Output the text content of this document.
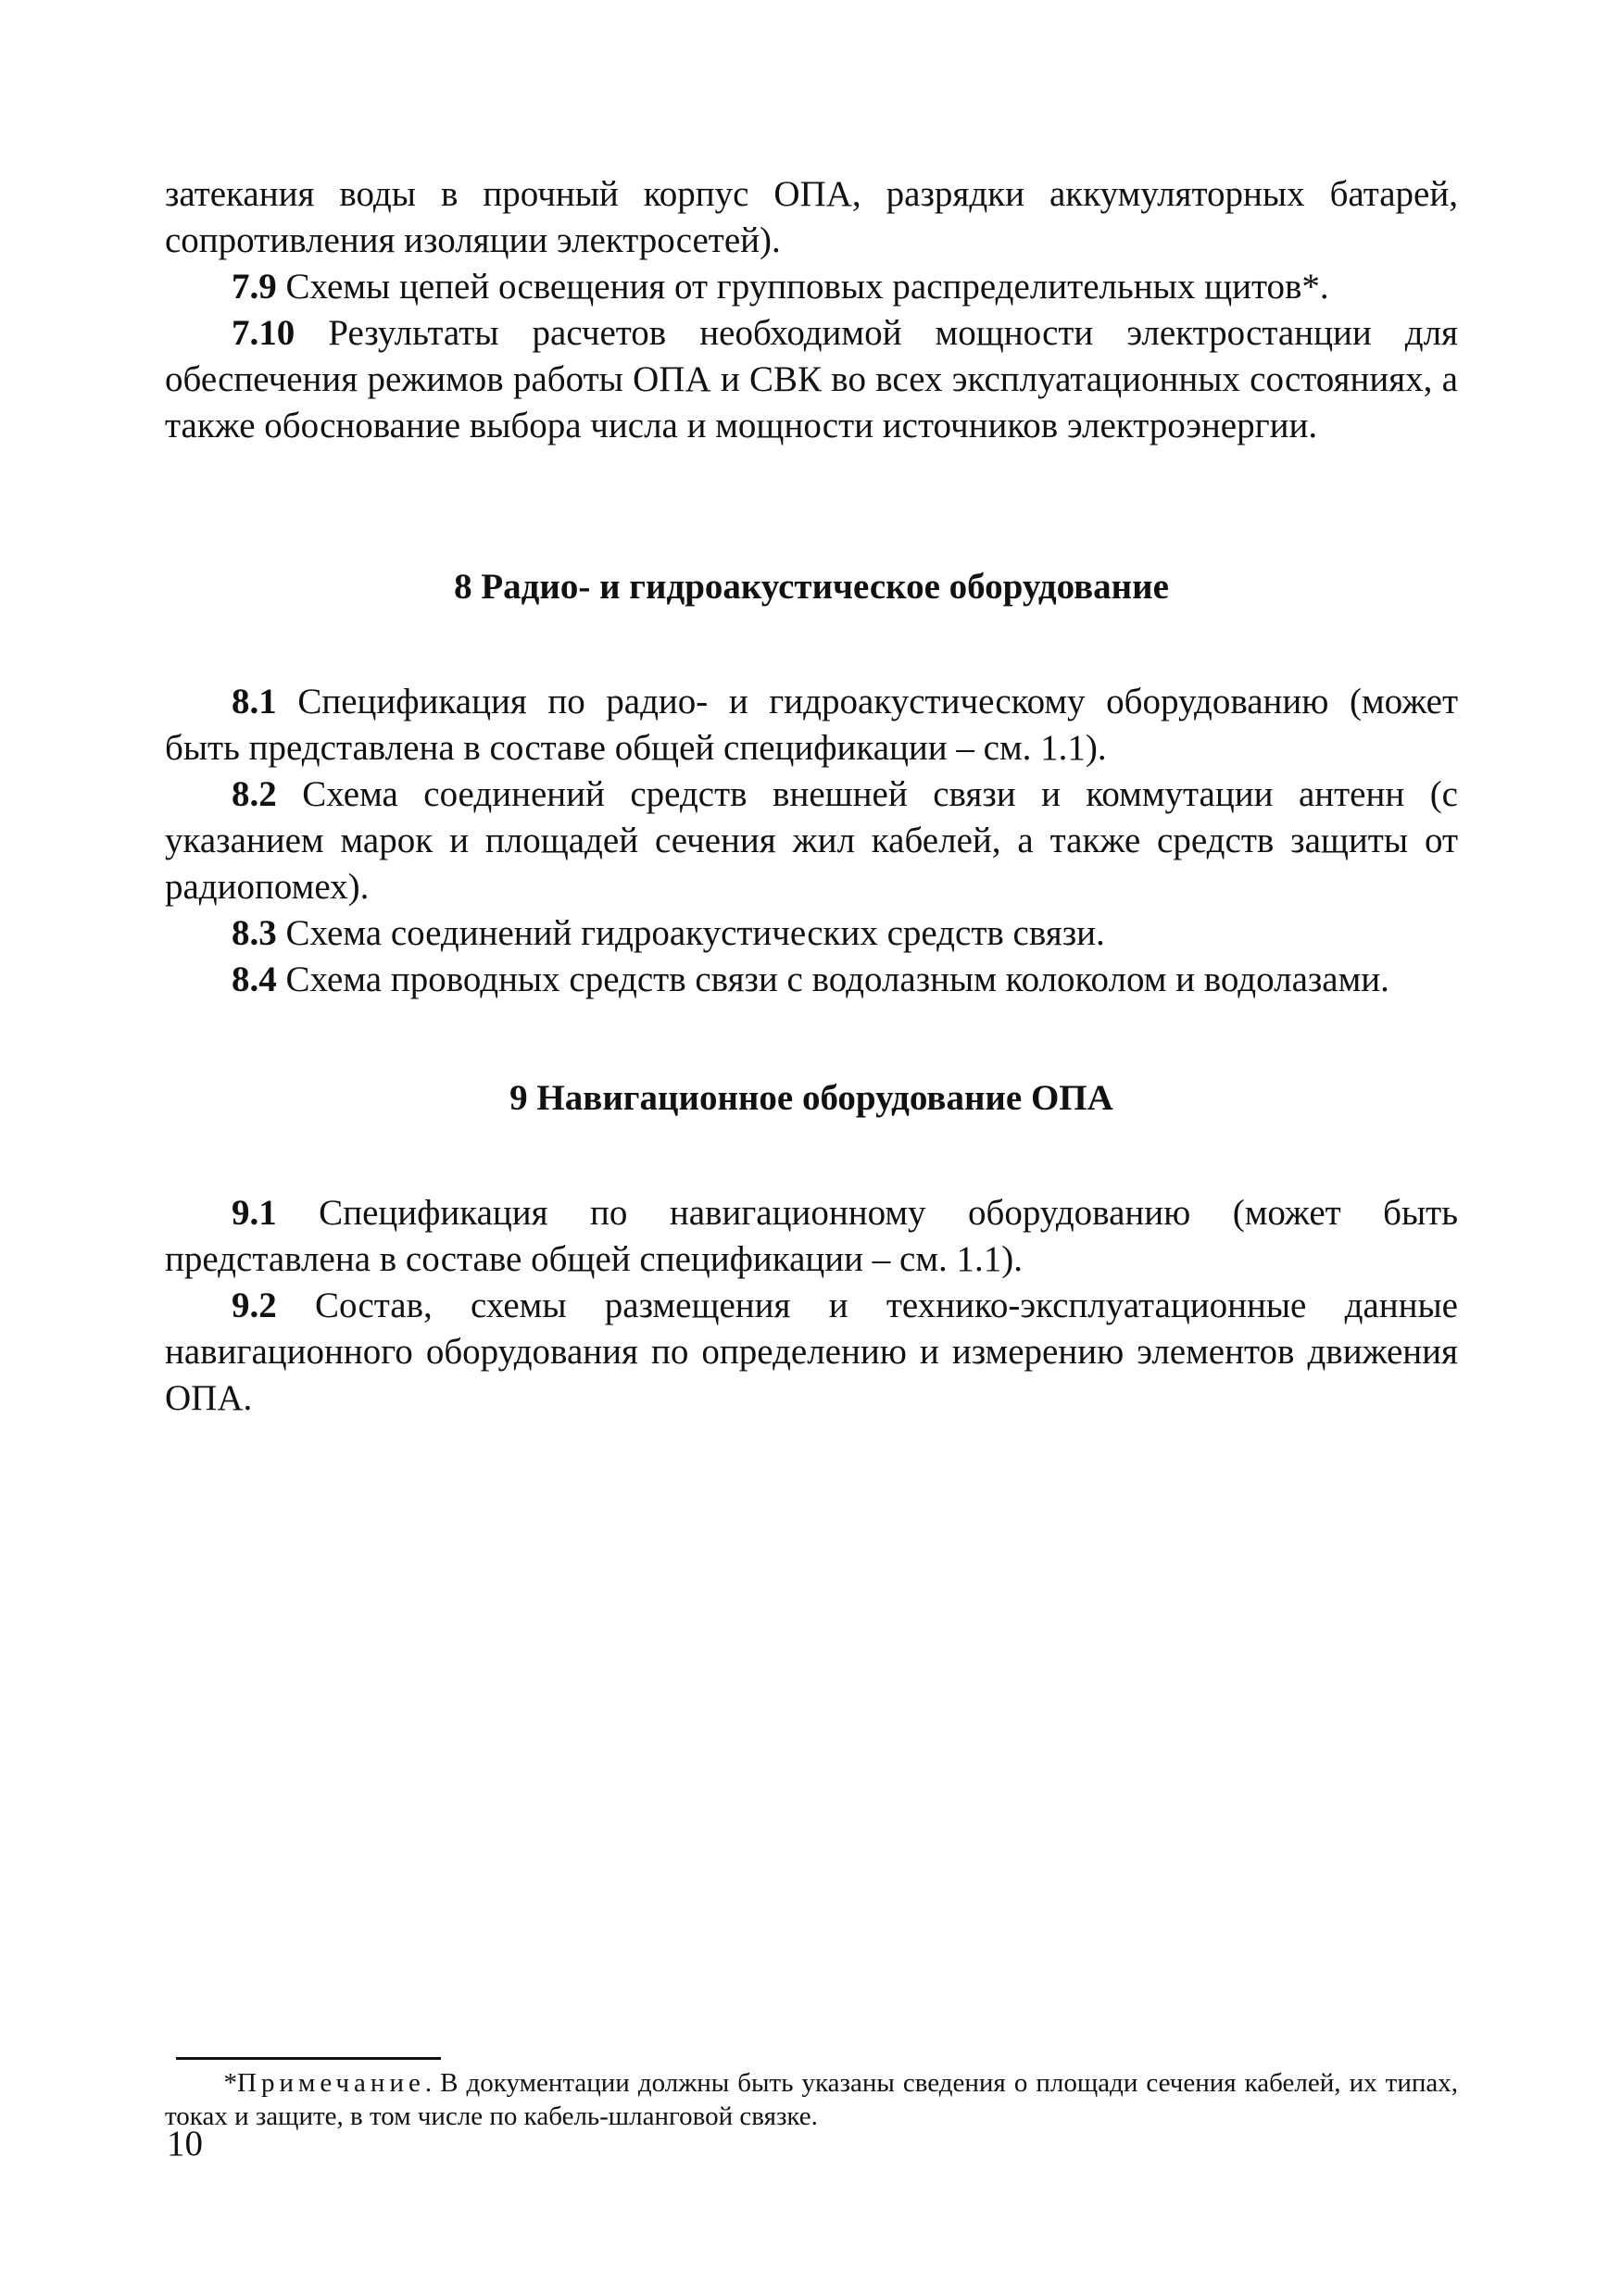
затекания воды в прочный корпус ОПА, разрядки аккумуляторных батарей, сопротивления изоляции электросетей).

7.9 Схемы цепей освещения от групповых распределительных щитов*.

7.10 Результаты расчетов необходимой мощности электростанции для обеспечения режимов работы ОПА и СВК во всех эксплуатационных состояниях, а также обоснование выбора числа и мощности источников электроэнергии.

8 Радио- и гидроакустическое оборудование

8.1 Спецификация по радио- и гидроакустическому оборудованию (может быть представлена в составе общей спецификации – см. 1.1).

8.2 Схема соединений средств внешней связи и коммутации антенн (с указанием марок и площадей сечения жил кабелей, а также средств защиты от радиопомех).

8.3 Схема соединений гидроакустических средств связи.

8.4 Схема проводных средств связи с водолазным колоколом и водолазами.

9 Навигационное оборудование ОПА

9.1 Спецификация по навигационному оборудованию (может быть представлена в составе общей спецификации – см. 1.1).

9.2 Состав, схемы размещения и технико-эксплуатационные данные навигационного оборудования по определению и измерению элементов движения ОПА.

*Примечание. В документации должны быть указаны сведения о площади сечения кабелей, их типах, токах и защите, в том числе по кабель-шланговой связке.
10
